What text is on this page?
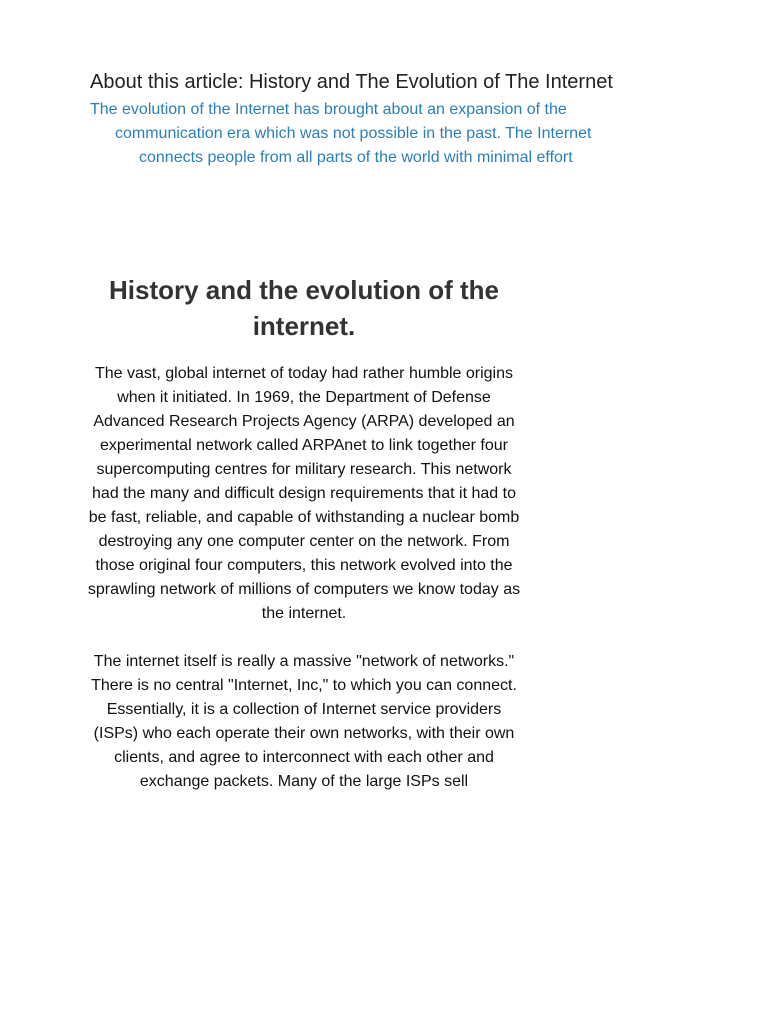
About this article: History and The Evolution of The Internet

The evolution of the Internet has brought about an expansion of the
communication era which was not possible in the past. The Internet
connects people from all parts of the world with minimal effort

History and the evolution of the internet.

The vast, global internet of today had rather humble origins when it initiated. In 1969, the Department of Defense Advanced Research Projects Agency (ARPA) developed an experimental network called ARPAnet to link together four supercomputing centres for military research. This network had the many and difficult design requirements that it had to be fast, reliable, and capable of withstanding a nuclear bomb destroying any one computer center on the network. From those original four computers, this network evolved into the sprawling network of millions of computers we know today as the internet.

The internet itself is really a massive "network of networks." There is no central "Internet, Inc," to which you can connect. Essentially, it is a collection of Internet service providers (ISPs) who each operate their own networks, with their own clients, and agree to interconnect with each other and exchange packets. Many of the large ISPs sell
